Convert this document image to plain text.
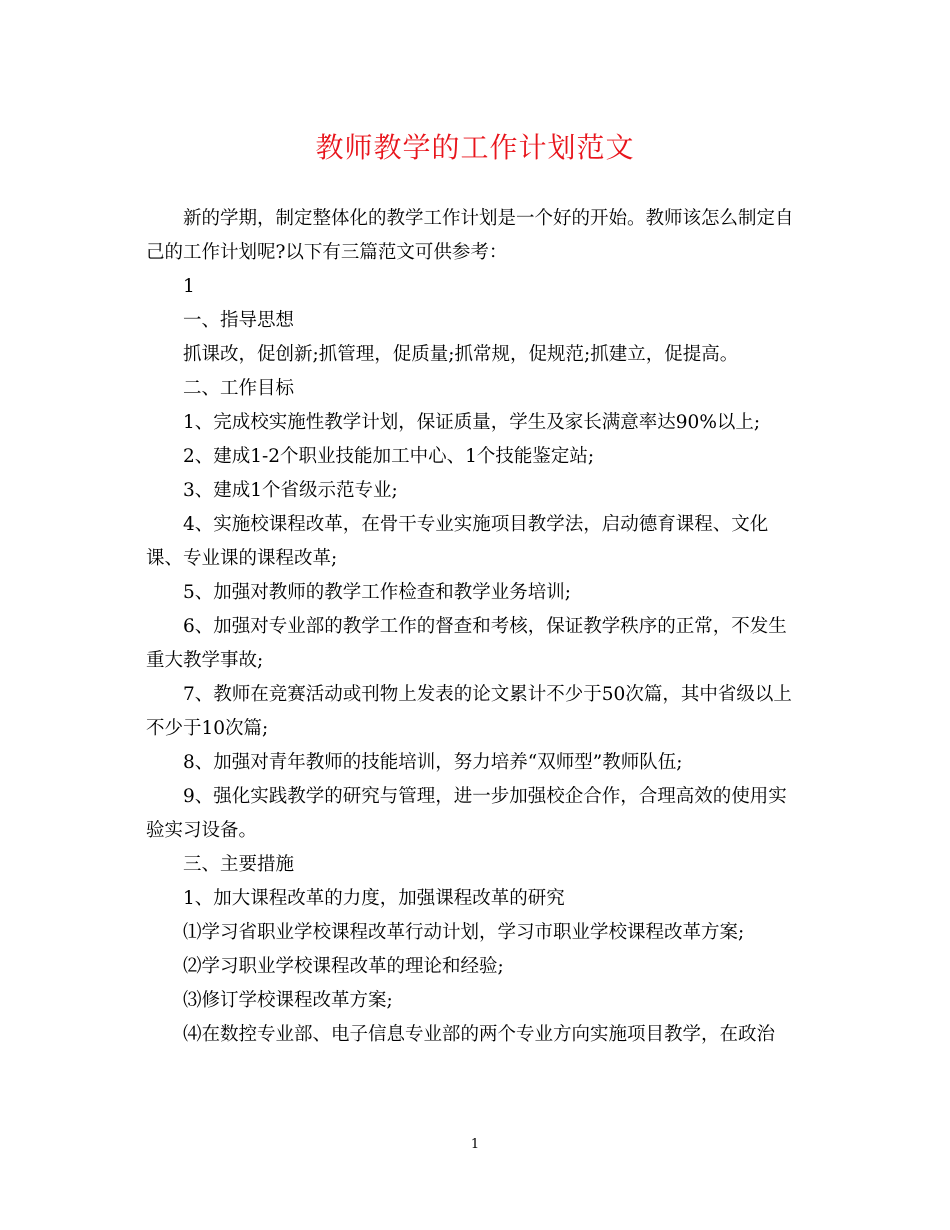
教师教学的工作计划范文

新的学期，制定整体化的教学工作计划是一个好的开始。教师该怎么制定自

己的工作计划呢?以下有三篇范文可供参考：

1

一、指导思想

抓课改，促创新;抓管理，促质量;抓常规，促规范;抓建立，促提高。

二、工作目标

1、完成校实施性教学计划，保证质量，学生及家长满意率达90%以上;

2、建成1-2个职业技能加工中心、1个技能鉴定站;

3、建成1个省级示范专业;

4、实施校课程改革，在骨干专业实施项目教学法，启动德育课程、文化

课、专业课的课程改革;

5、加强对教师的教学工作检查和教学业务培训;

6、加强对专业部的教学工作的督查和考核，保证教学秩序的正常，不发生

重大教学事故;

7、教师在竞赛活动或刊物上发表的论文累计不少于50次篇，其中省级以上

不少于10次篇;

8、加强对青年教师的技能培训，努力培养“双师型”教师队伍;

9、强化实践教学的研究与管理，进一步加强校企合作，合理高效的使用实

验实习设备。

三、主要措施

1、加大课程改革的力度，加强课程改革的研究

⑴学习省职业学校课程改革行动计划，学习市职业学校课程改革方案;

⑵学习职业学校课程改革的理论和经验;

⑶修订学校课程改革方案;

⑷在数控专业部、电子信息专业部的两个专业方向实施项目教学，在政治

1
